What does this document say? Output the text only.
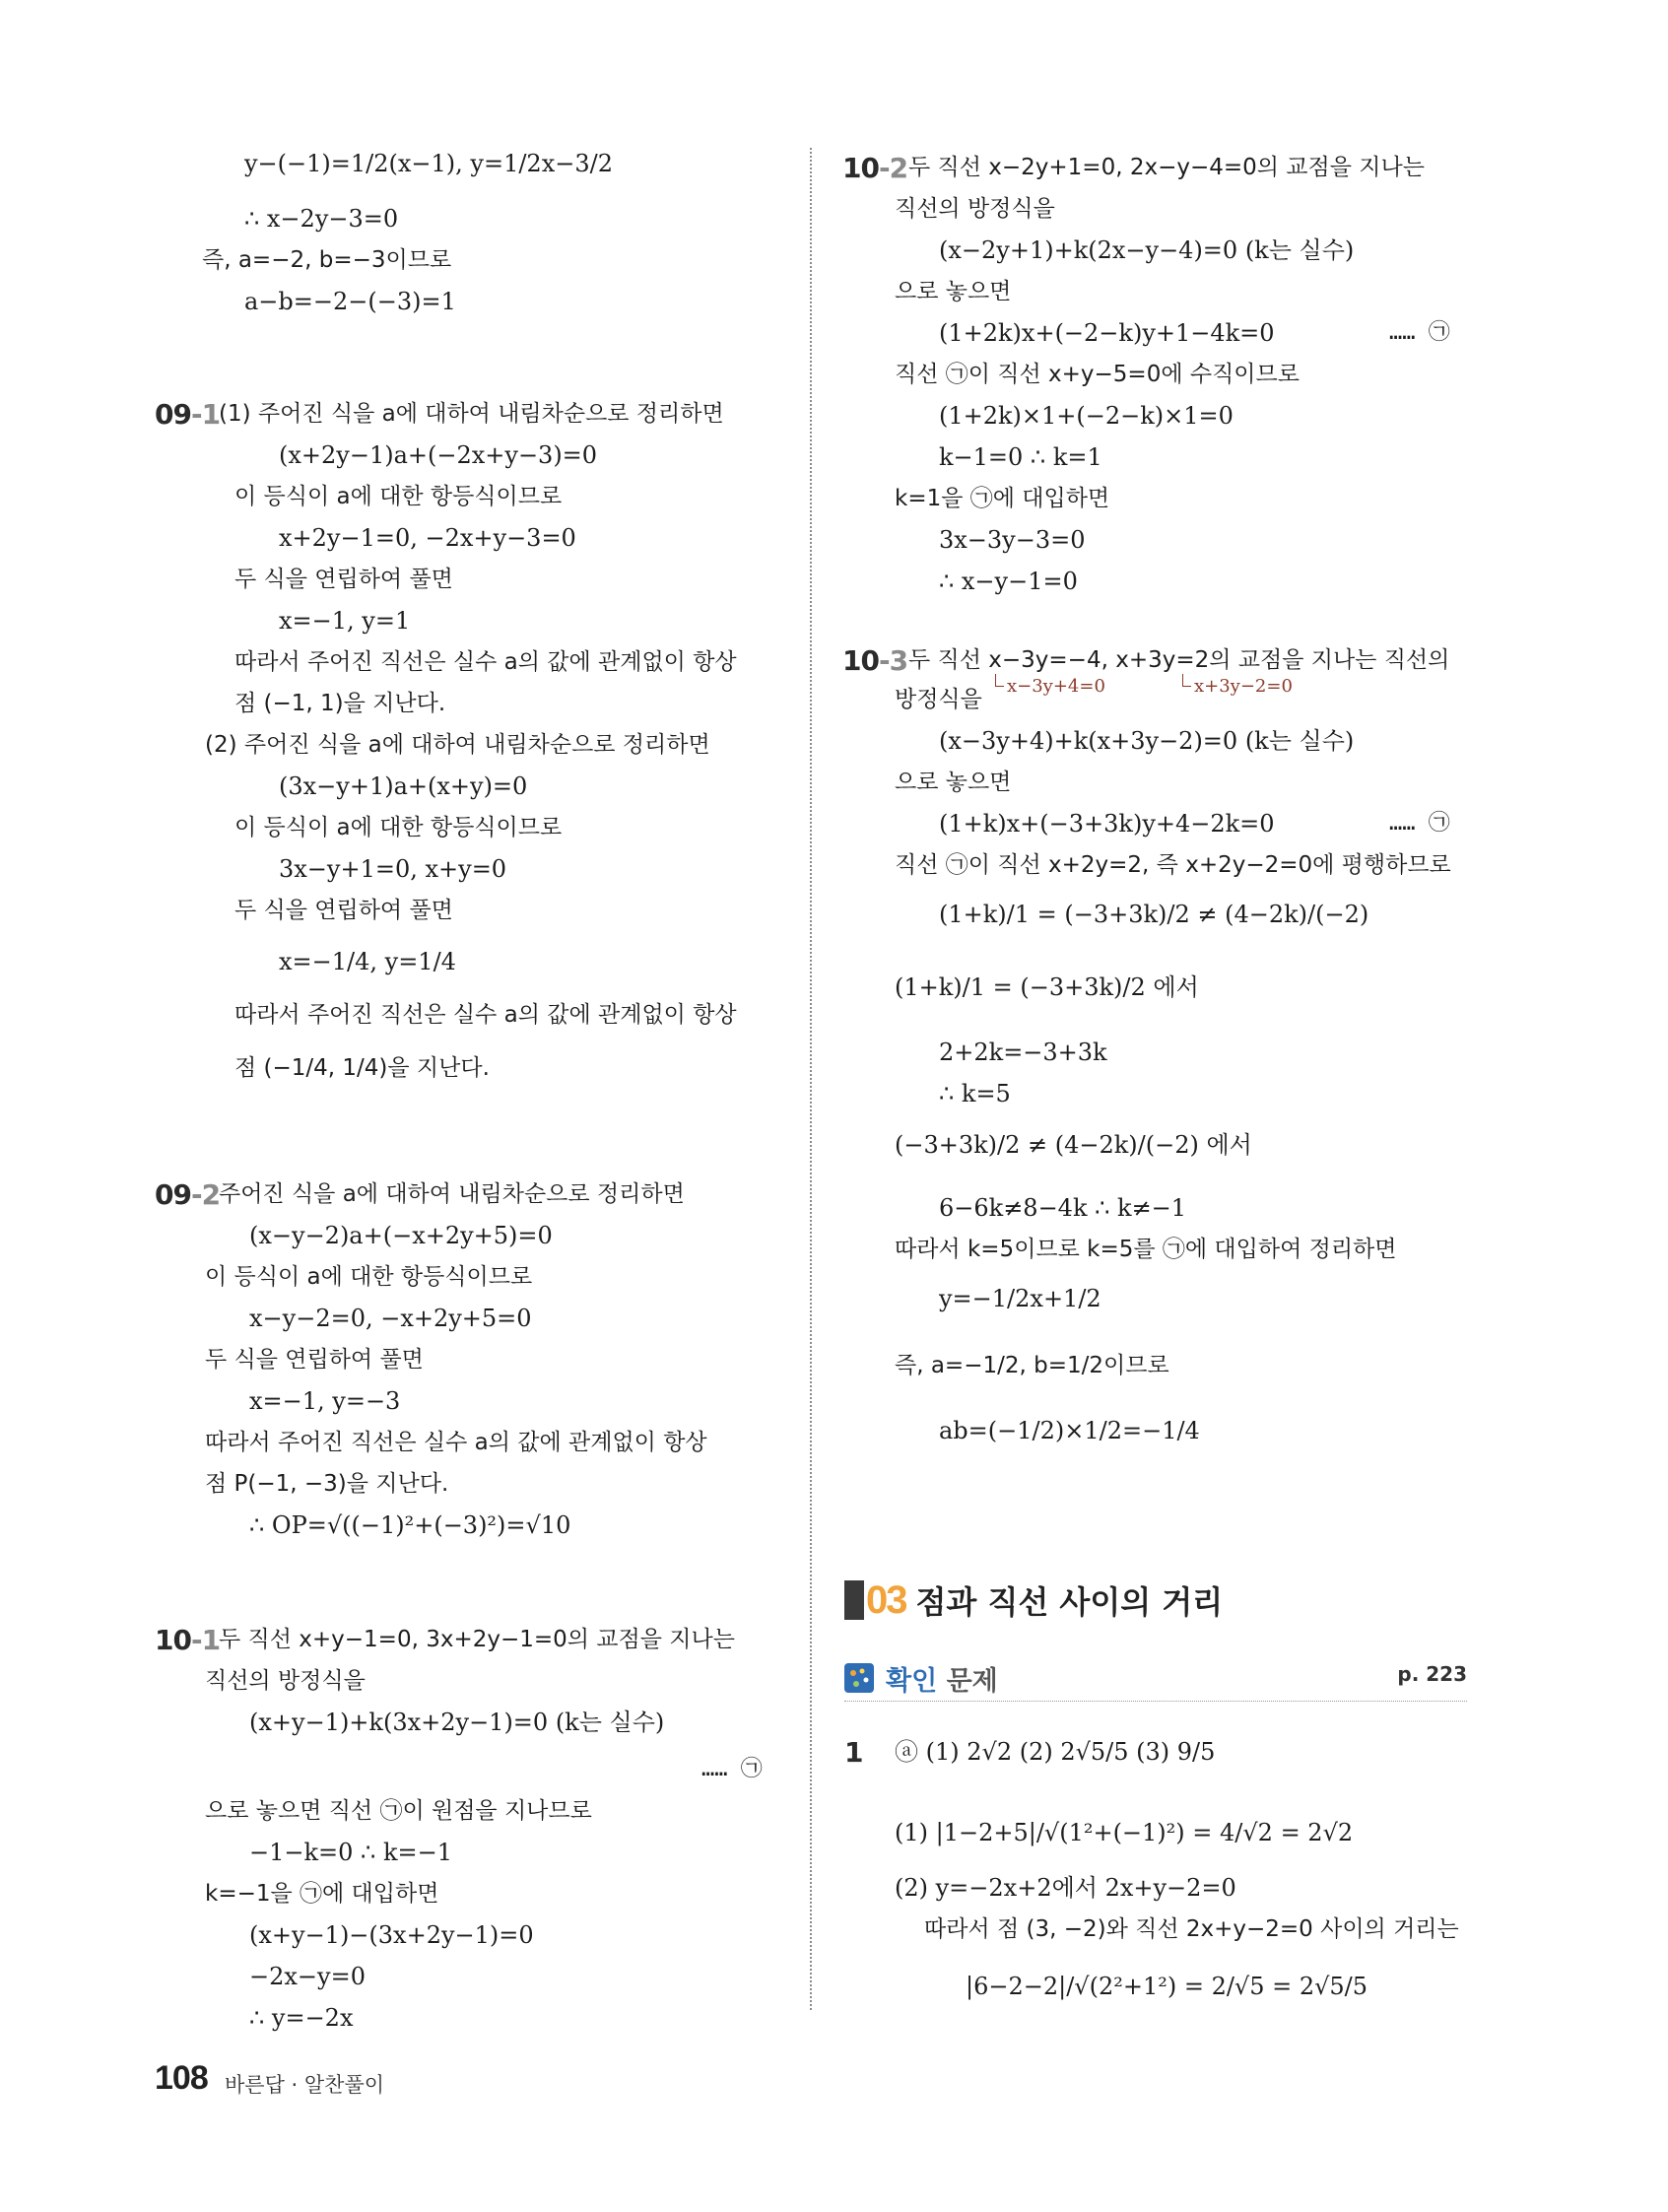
y−(−1)=1/2(x−1), y=1/2x−3/2
∴ x−2y−3=0
즉, a=−2, b=−3이므로
a−b=−2−(−3)=1
09-1
(1) 주어진 식을 a에 대하여 내림차순으로 정리하면
(x+2y−1)a+(−2x+y−3)=0
이 등식이 a에 대한 항등식이므로
x+2y−1=0, −2x+y−3=0
두 식을 연립하여 풀면
x=−1, y=1
따라서 주어진 직선은 실수 a의 값에 관계없이 항상
점 (−1, 1)을 지난다.
(2) 주어진 식을 a에 대하여 내림차순으로 정리하면
(3x−y+1)a+(x+y)=0
이 등식이 a에 대한 항등식이므로
3x−y+1=0, x+y=0
두 식을 연립하여 풀면
x=−1/4, y=1/4
따라서 주어진 직선은 실수 a의 값에 관계없이 항상
점 (−1/4, 1/4)을 지난다.
09-2
주어진 식을 a에 대하여 내림차순으로 정리하면
(x−y−2)a+(−x+2y+5)=0
이 등식이 a에 대한 항등식이므로
x−y−2=0, −x+2y+5=0
두 식을 연립하여 풀면
x=−1, y=−3
따라서 주어진 직선은 실수 a의 값에 관계없이 항상
점 P(−1, −3)을 지난다.
∴ OP=√((−1)²+(−3)²)=√10
10-1
두 직선 x+y−1=0, 3x+2y−1=0의 교점을 지나는
직선의 방정식을
(x+y−1)+k(3x+2y−1)=0 (k는 실수)
…… ㉠
으로 놓으면 직선 ㉠이 원점을 지나므로
−1−k=0 ∴ k=−1
k=−1을 ㉠에 대입하면
(x+y−1)−(3x+2y−1)=0
−2x−y=0
∴ y=−2x
10-2 두 직선 x−2y+1=0, 2x−y−4=0의 교점을 지나는
직선의 방정식을
(x−2y+1)+k(2x−y−4)=0 (k는 실수)
으로 놓으면
(1+2k)x+(−2−k)y+1−4k=0	…… ㉠
직선 ㉠이 직선 x+y−5=0에 수직이므로
(1+2k)×1+(−2−k)×1=0
k−1=0 ∴ k=1
k=1을 ㉠에 대입하면
3x−3y−3=0
∴ x−y−1=0
10-3 두 직선 x−3y=−4, x+3y=2의 교점을 지나는 직선의
x−3y+4=0	x+3y−2=0
방정식을
(x−3y+4)+k(x+3y−2)=0 (k는 실수)
으로 놓으면
(1+k)x+(−3+3k)y+4−2k=0	…… ㉠
직선 ㉠이 직선 x+2y=2, 즉 x+2y−2=0에 평행하므로
(1+k)/1 = (−3+3k)/2 ≠ (4−2k)/(−2)
(1+k)/1 = (−3+3k)/2 에서
2+2k=−3+3k
∴ k=5
(−3+3k)/2 ≠ (4−2k)/(−2) 에서
6−6k≠8−4k ∴ k≠−1
따라서 k=5이므로 k=5를 ㉠에 대입하여 정리하면
y=−1/2x+1/2
즉, a=−1/2, b=1/2이므로
ab=(−1/2)×1/2=−1/4
03 점과 직선 사이의 거리
확인 문제	p. 223
1 ⓐ (1) 2√2 (2) 2√5/5 (3) 9/5
(1) |1−2+5|/√(1²+(−1)²) = 4/√2 = 2√2
(2) y=−2x+2에서 2x+y−2=0
따라서 점 (3, −2)와 직선 2x+y−2=0 사이의 거리는
|6−2−2|/√(2²+1²) = 2/√5 = 2√5/5
108 바른답 · 알찬풀이
